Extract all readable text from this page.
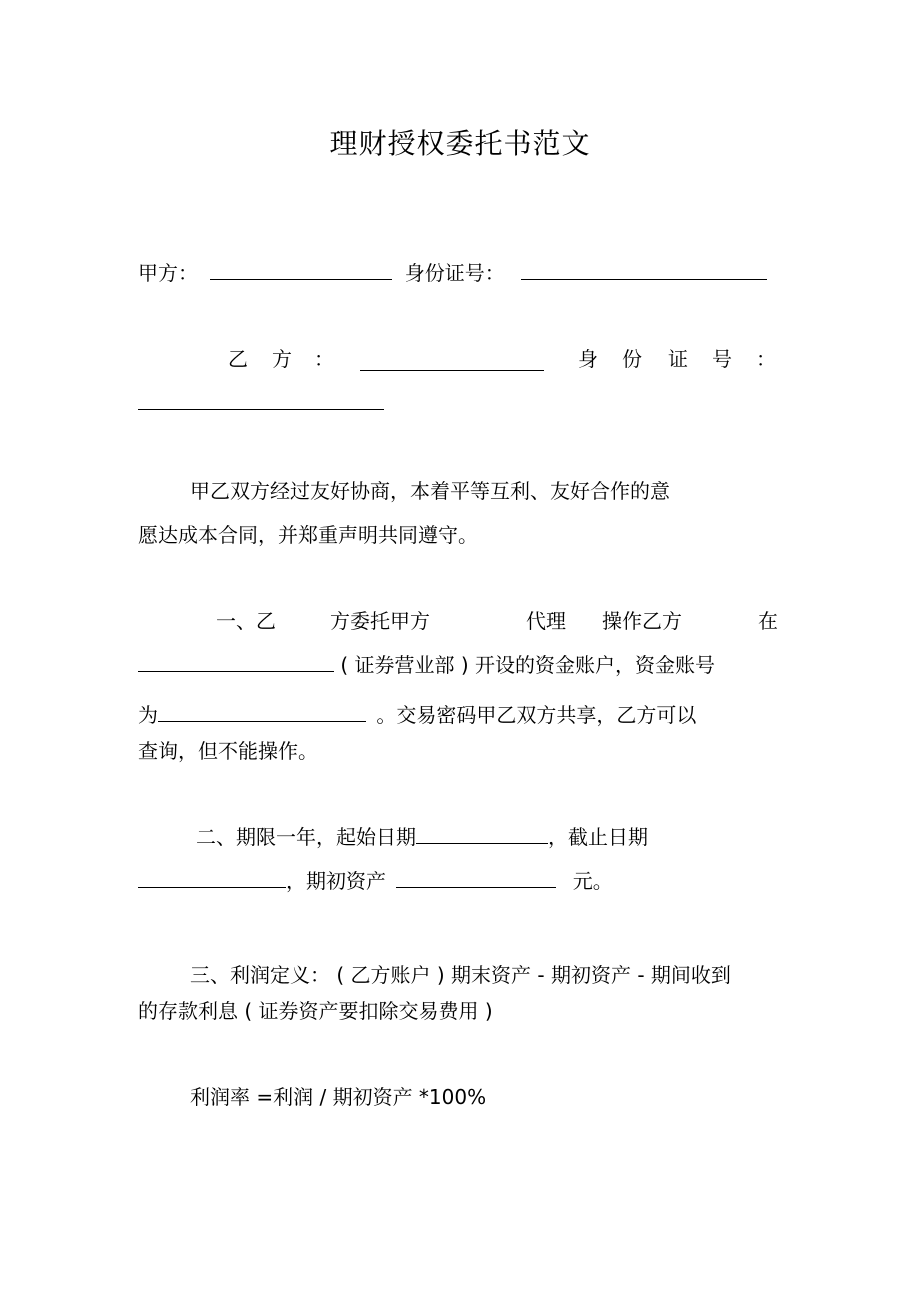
理财授权委托书范文
甲方：	身份证号：
乙 方 ：	身 份 证 号 ：
甲乙双方经过友好协商，本着平等互利、友好合作的意
愿达成本合同，并郑重声明共同遵守。
一、乙	方委托甲方	代理 操作乙方	在
( 证券营业部 ) 开设的资金账户，资金账号
为	。交易密码甲乙双方共享，乙方可以
查询，但不能操作。
二、期限一年，起始日期	，截止日期
，期初资产	元。
三、利润定义： ( 乙方账户 ) 期末资产 - 期初资产 - 期间收到
的存款利息 ( 证券资产要扣除交易费用 )
利润率 =利润 / 期初资产 *100%
